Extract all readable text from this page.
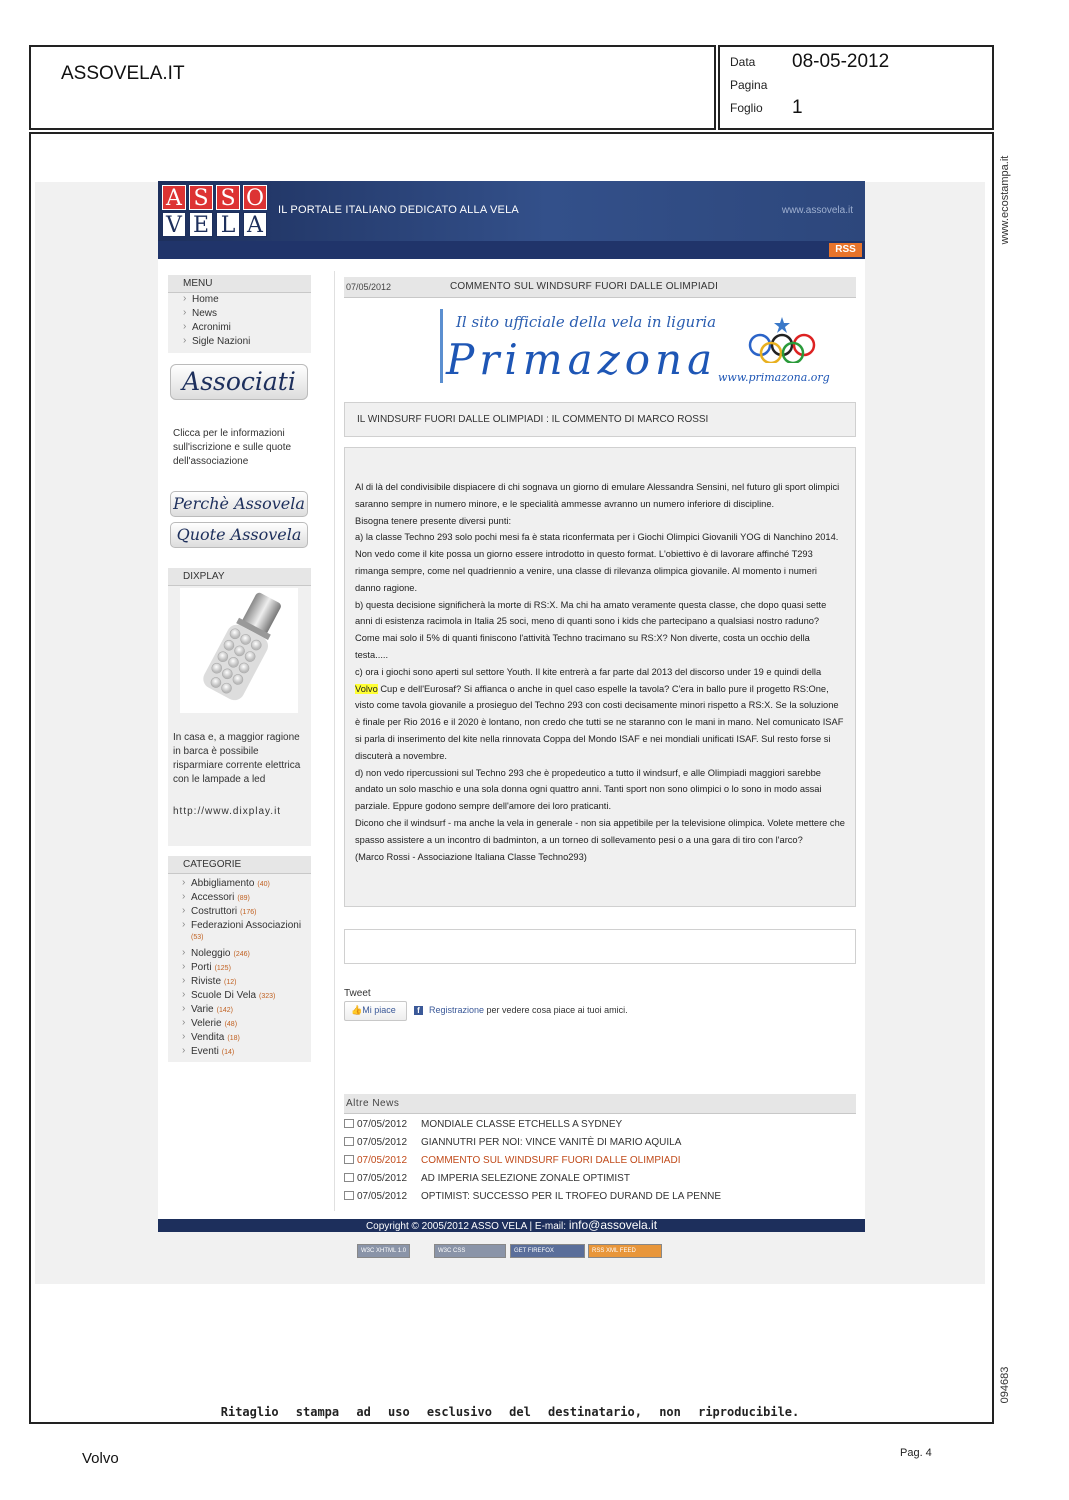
ASSOVELA.IT
Data 08-05-2012
Pagina
Foglio 1
www.ecostampa.it
094683
Ritaglio stampa ad uso esclusivo del destinatario, non riproducibile.
A S S O
V E L A
IL PORTALE ITALIANO DEDICATO ALLA VELA	www.assovela.it
RSS
MENU
› Home
› News
› Acronimi
› Sigle Nazioni
Associati
Clicca per le informazioni sull'iscrizione e sulle quote dell'associazione
Perchè Assovela
Quote Assovela
DIXPLAY
In casa e, a maggior ragione in barca è possibile risparmiare corrente elettrica con le lampade a led
http://www.dixplay.it
CATEGORIE
› Abbigliamento (40)
› Accessori (89)
› Costruttori (176)
› Federazioni Associazioni
(53)
› Noleggio (246)
› Porti (125)
› Riviste (12)
› Scuole Di Vela (323)
› Varie (142)
› Velerie (48)
› Vendita (18)
› Eventi (14)
07/05/2012	COMMENTO SUL WINDSURF FUORI DALLE OLIMPIADI
Il sito ufficiale della vela in liguria
Primazona www.primazona.org
IL WINDSURF FUORI DALLE OLIMPIADI : IL COMMENTO DI MARCO ROSSI
Al di là del condivisibile dispiacere di chi sognava un giorno di emulare Alessandra Sensini, nel futuro gli sport olimpici saranno sempre in numero minore, e le specialità ammesse avranno un numero inferiore di discipline.
Bisogna tenere presente diversi punti:
a) la classe Techno 293 solo pochi mesi fa è stata riconfermata per i Giochi Olimpici Giovanili YOG di Nanchino 2014. Non vedo come il kite possa un giorno essere introdotto in questo format. L'obiettivo è di lavorare affinché T293 rimanga sempre, come nel quadriennio a venire, una classe di rilevanza olimpica giovanile. Al momento i numeri danno ragione.
b) questa decisione significherà la morte di RS:X. Ma chi ha amato veramente questa classe, che dopo quasi sette anni di esistenza racimola in Italia 25 soci, meno di quanti sono i kids che partecipano a qualsiasi nostro raduno? Come mai solo il 5% di quanti finiscono l'attività Techno tracimano su RS:X? Non diverte, costa un occhio della testa.....
c) ora i giochi sono aperti sul settore Youth. Il kite entrerà a far parte dal 2013 del discorso under 19 e quindi della Volvo Cup e dell'Eurosaf? Si affianca o anche in quel caso espelle la tavola? C'era in ballo pure il progetto RS:One, visto come tavola giovanile a prosieguo del Techno 293 con costi decisamente minori rispetto a RS:X. Se la soluzione è finale per Rio 2016 e il 2020 è lontano, non credo che tutti se ne staranno con le mani in mano. Nel comunicato ISAF si parla di inserimento del kite nella rinnovata Coppa del Mondo ISAF e nei mondiali unificati ISAF. Sul resto forse si discuterà a novembre.
d) non vedo ripercussioni sul Techno 293 che è propedeutico a tutto il windsurf, e alle Olimpiadi maggiori sarebbe andato un solo maschio e una sola donna ogni quattro anni. Tanti sport non sono olimpici o lo sono in modo assai parziale. Eppure godono sempre dell'amore dei loro praticanti.
Dicono che il windsurf - ma anche la vela in generale - non sia appetibile per la televisione olimpica. Volete mettere che spasso assistere a un incontro di badminton, a un torneo di sollevamento pesi o a una gara di tiro con l'arco?
(Marco Rossi - Associazione Italiana Classe Techno293)
Tweet
👍Mi piace	f	Registrazione per vedere cosa piace ai tuoi amici.
Altre News
07/05/2012 MONDIALE CLASSE ETCHELLS A SYDNEY
07/05/2012 GIANNUTRI PER NOI: VINCE VANITÈ DI MARIO AQUILA
07/05/2012 COMMENTO SUL WINDSURF FUORI DALLE OLIMPIADI
07/05/2012 AD IMPERIA SELEZIONE ZONALE OPTIMIST
07/05/2012 OPTIMIST: SUCCESSO PER IL TROFEO DURAND DE LA PENNE
Copyright © 2005/2012 ASSO VELA | E-mail: info@assovela.it
W3C XHTML 1.0	W3C CSS	GET FIREFOX	RSS XML FEED
Volvo	Pag. 4
